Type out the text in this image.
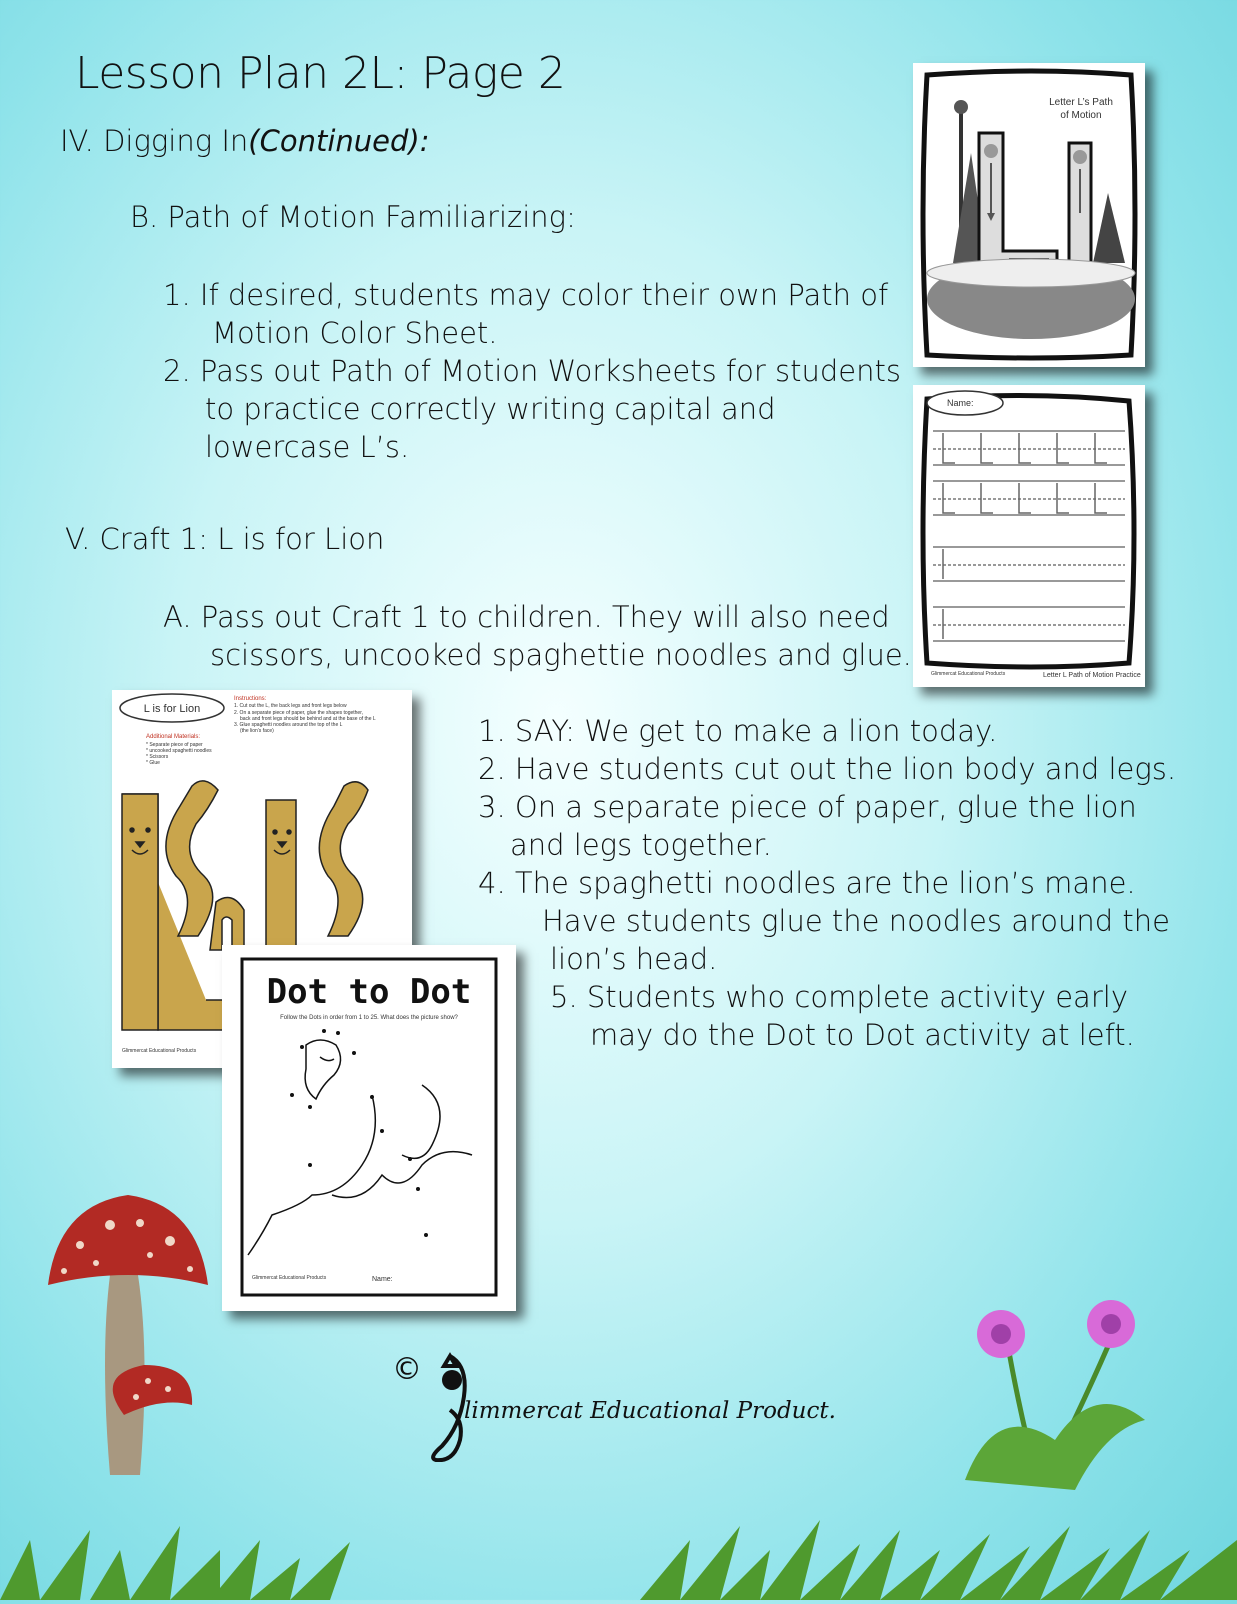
Lesson Plan 2L: Page 2
IV. Digging In(Continued):
B. Path of Motion Familiarizing:
1. If desired, students may color their own Path of
Motion Color Sheet.
2. Pass out Path of Motion Worksheets for students
to practice correctly writing capital and
lowercase L’s.
V. Craft 1: L is for Lion
A. Pass out Craft 1 to children. They will also need
scissors, uncooked spaghettie noodles and glue.
1. SAY: We get to make a lion today.
2. Have students cut out the lion body and legs.
3. On a separate piece of paper, glue the lion
and legs together.
4. The spaghetti noodles are the lion’s mane.
Have students glue the noodles around the
lion’s head.
5. Students who complete activity early
may do the Dot to Dot activity at left.
Letter L’s Path
of Motion
Name:
Letter L Path of Motion Practice
Glimmercat Educational Products
L is for Lion
Instructions:
1. Cut out the L, the back legs and front legs below
2. On a separate piece of paper, glue the shapes together,
back and front legs should be behind and at the base of the L
3. Glue spaghetti noodles around the top of the L
(the lion’s face)
Additional Materials:
* Separate piece of paper
* uncooked spaghetti noodles
* Scissors
* Glue
Glimmercat Educational Products
Dot to Dot
Follow the Dots in order from 1 to 25. What does the picture show?
Name:
Glimmercat Educational Products
©
limmercat Educational Product.
